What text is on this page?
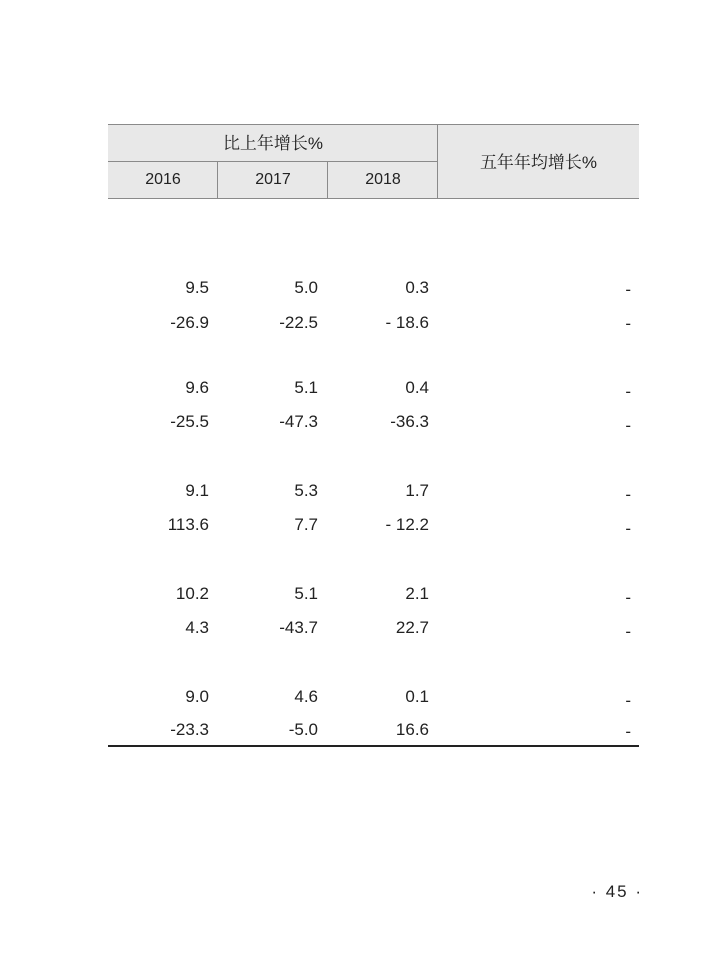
比上年增长%
2016	2017	2018
五年年均增长%
9.5	5.0	0.3	-
-26.9	-22.5	- 18.6	-
9.6	5.1	0.4	-
-25.5	-47.3	-36.3	-
9.1	5.3	1.7	-
113.6	7.7	- 12.2	-
10.2	5.1	2.1	-
4.3	-43.7	22.7	-
9.0	4.6	0.1	-
-23.3	-5.0	16.6	-
· 45 ·
